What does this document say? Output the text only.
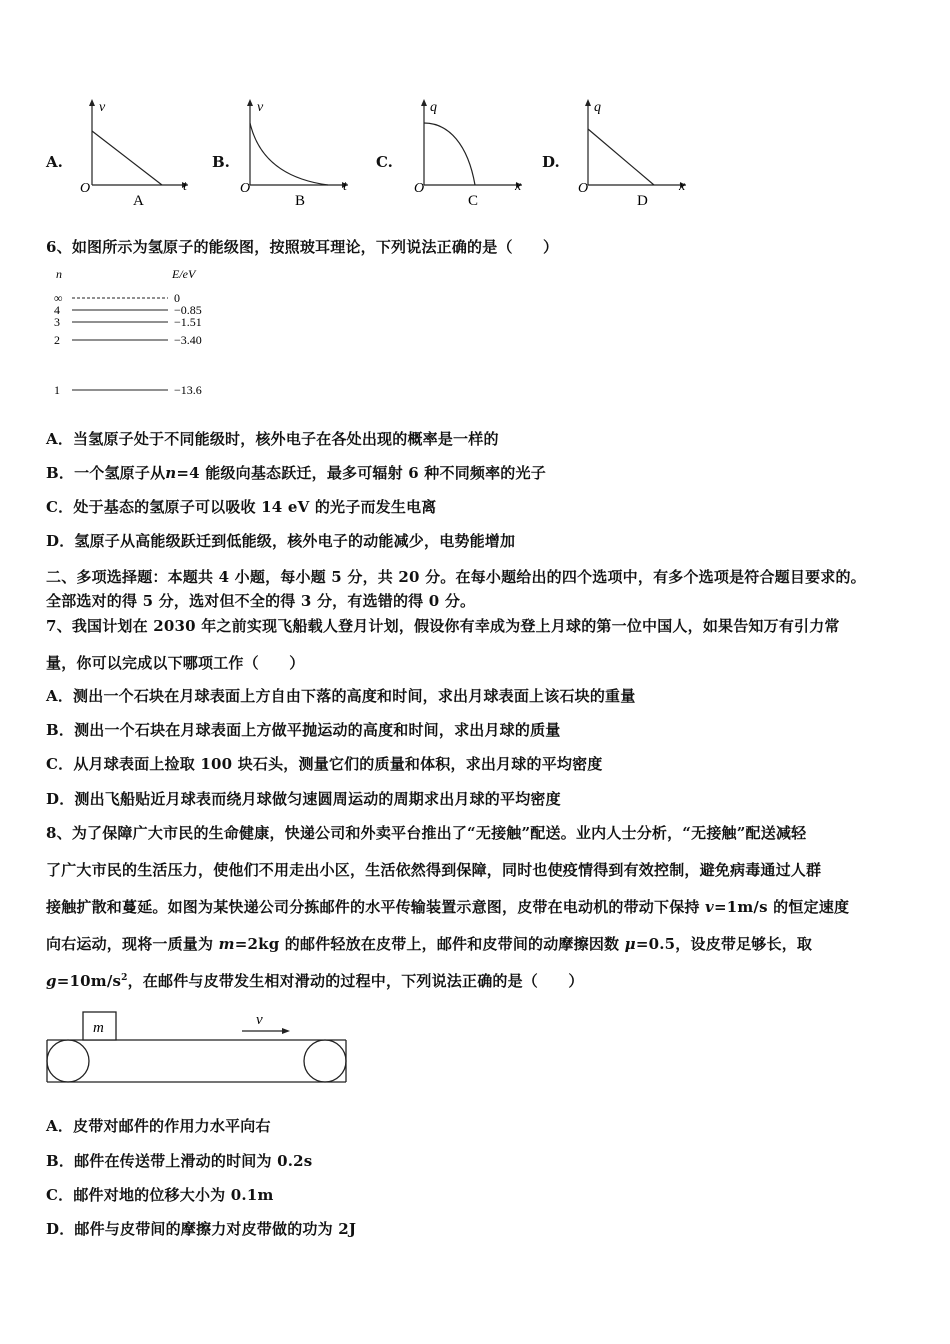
A.
v
t
O
A
B.
v
t
O
B
C.
q
x
O
C
D.
q
x
O
D
6、如图所示为氢原子的能级图，按照玻耳理论，下列说法正确的是（　　）
n	E/eV
∞	0
4	−0.85
3	−1.51
2	−3.40
1	−13.6
A．当氢原子处于不同能级时，核外电子在各处出现的概率是一样的
B．一个氢原子从n=4 能级向基态跃迁，最多可辐射 6 种不同频率的光子
C．处于基态的氢原子可以吸收 14 eV 的光子而发生电离
D．氢原子从高能级跃迁到低能级，核外电子的动能减少，电势能增加
二、多项选择题：本题共 4 小题，每小题 5 分，共 20 分。在每小题给出的四个选项中，有多个选项是符合题目要求的。
全部选对的得 5 分，选对但不全的得 3 分，有选错的得 0 分。
7、我国计划在 2030 年之前实现飞船载人登月计划，假设你有幸成为登上月球的第一位中国人，如果告知万有引力常
量，你可以完成以下哪项工作（　　）
A．测出一个石块在月球表面上方自由下落的高度和时间，求出月球表面上该石块的重量
B．测出一个石块在月球表面上方做平抛运动的高度和时间，求出月球的质量
C．从月球表面上捡取 100 块石头，测量它们的质量和体积，求出月球的平均密度
D．测出飞船贴近月球表而绕月球做匀速圆周运动的周期求出月球的平均密度
8、为了保障广大市民的生命健康，快递公司和外卖平台推出了“无接触”配送。业内人士分析，“无接触”配送减轻
了广大市民的生活压力，使他们不用走出小区，生活依然得到保障，同时也使疫情得到有效控制，避免病毒通过人群
接触扩散和蔓延。如图为某快递公司分拣邮件的水平传输装置示意图，皮带在电动机的带动下保持 v=1m/s 的恒定速度
向右运动，现将一质量为 m=2kg 的邮件轻放在皮带上，邮件和皮带间的动摩擦因数 μ=0.5，设皮带足够长，取
$g=10m/s^2$，在邮件与皮带发生相对滑动的过程中，下列说法正确的是（　　）
m	v
A．皮带对邮件的作用力水平向右
B．邮件在传送带上滑动的时间为 0.2s
C．邮件对地的位移大小为 0.1m
D．邮件与皮带间的摩擦力对皮带做的功为 2J
